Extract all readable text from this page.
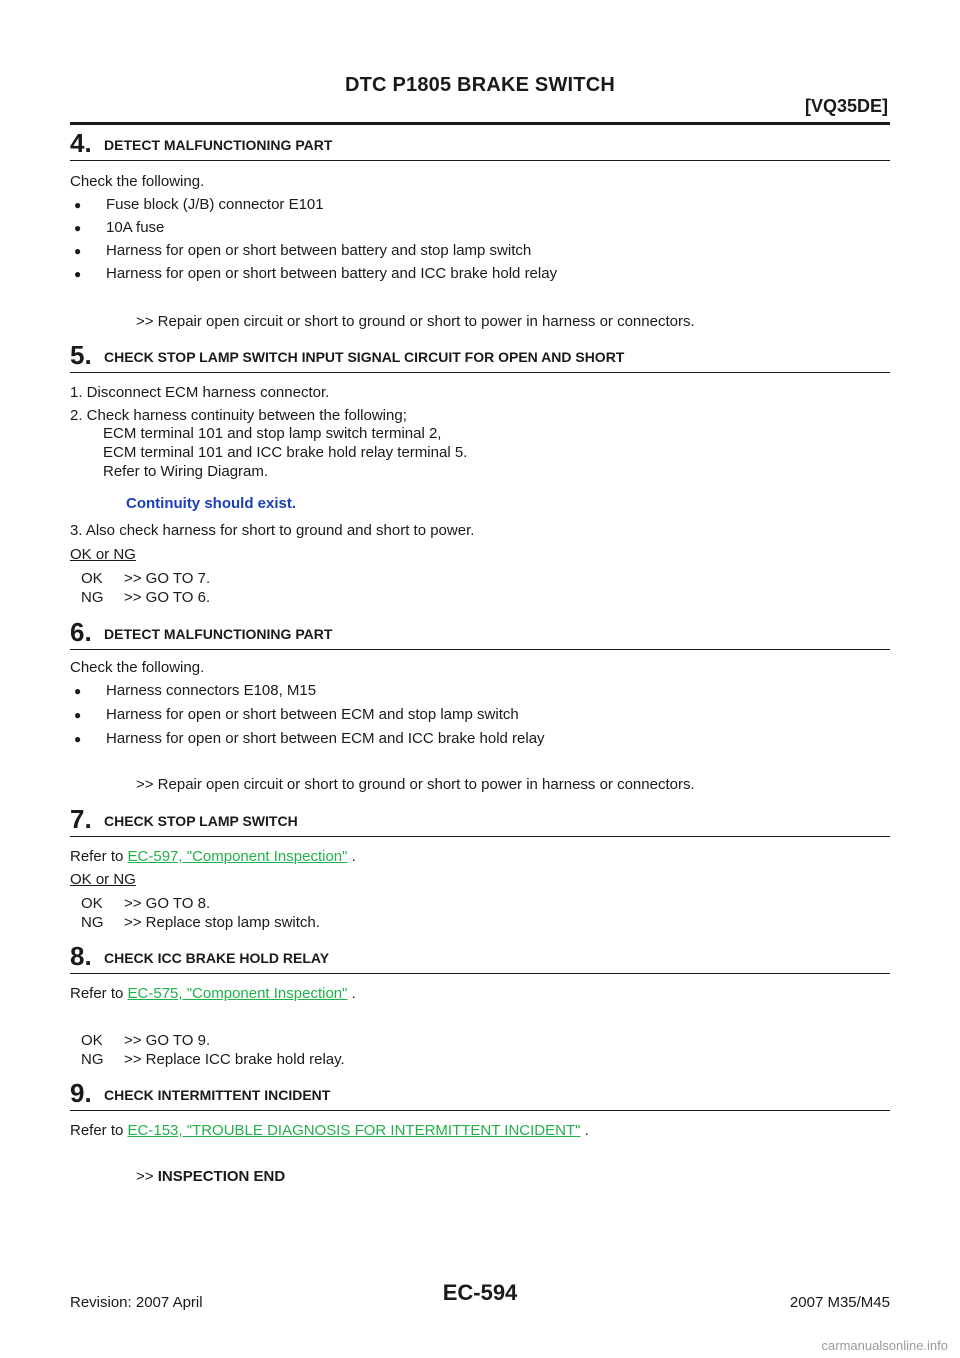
DTC P1805 BRAKE SWITCH
[VQ35DE]
4. DETECT MALFUNCTIONING PART
Check the following.
● Fuse block (J/B) connector E101
● 10A fuse
● Harness for open or short between battery and stop lamp switch
● Harness for open or short between battery and ICC brake hold relay
>> Repair open circuit or short to ground or short to power in harness or connectors.
5. CHECK STOP LAMP SWITCH INPUT SIGNAL CIRCUIT FOR OPEN AND SHORT
1. Disconnect ECM harness connector.
2. Check harness continuity between the following;
ECM terminal 101 and stop lamp switch terminal 2,
ECM terminal 101 and ICC brake hold relay terminal 5.
Refer to Wiring Diagram.
Continuity should exist.
3. Also check harness for short to ground and short to power.
OK or NG
OK >> GO TO 7.
NG >> GO TO 6.
6. DETECT MALFUNCTIONING PART
Check the following.
● Harness connectors E108, M15
● Harness for open or short between ECM and stop lamp switch
● Harness for open or short between ECM and ICC brake hold relay
>> Repair open circuit or short to ground or short to power in harness or connectors.
7. CHECK STOP LAMP SWITCH
Refer to EC-597, "Component Inspection" .
OK or NG
OK >> GO TO 8.
NG >> Replace stop lamp switch.
8. CHECK ICC BRAKE HOLD RELAY
Refer to EC-575, "Component Inspection" .
OK >> GO TO 9.
NG >> Replace ICC brake hold relay.
9. CHECK INTERMITTENT INCIDENT
Refer to EC-153, "TROUBLE DIAGNOSIS FOR INTERMITTENT INCIDENT" .
>> INSPECTION END
Revision: 2007 April	EC-594	2007 M35/M45
carmanualsonline.info
